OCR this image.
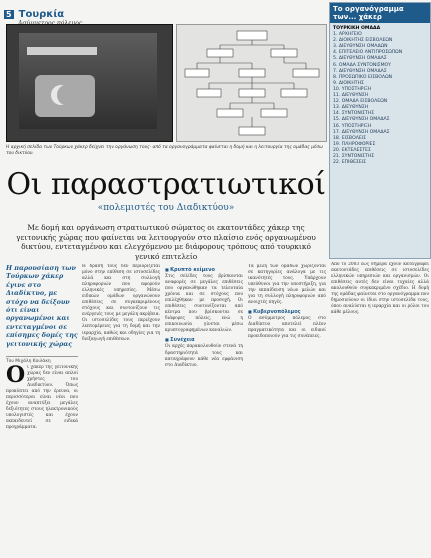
5 Τουρκία	Το οργανόγραμμα των... χάκερ
ΤΟΥΡΚΙΚΗ ΟΜΑΔΑ
1. ΑΡΧΗΓΕΙΟ
2. ΔΙΟΙΚΗΤΗΣ ΕΙΣΒΟΛΕΩΝ
3. ΔΙΕΥΘΥΝΣΗ ΟΜΑΔΩΝ
4. ΕΠΙΤΕΛΕΙΟ ΑΝΤΙΠΡΟΣΩΠΩΝ
5. ΔΙΕΥΘΥΝΣΗ ΟΜΑΔΑΣ
6. ΟΜΑΔΑ ΣΥΝΤΟΝΙΣΜΟΥ
7. ΔΙΕΥΘΥΝΣΗ ΟΜΑΔΑΣ
8. ΠΡΟΣΩΠΙΚΟ ΕΙΣΒΟΛΩΝ
9. ΔΙΟΙΚΗΤΗΣ
10. ΥΠΟΣΤΗΡΙΞΗ
11. ΔΙΕΥΘΥΝΣΗ
12. ΟΜΑΔΑ ΕΙΣΒΟΛΕΩΝ
13. ΔΙΕΥΘΥΝΣΗ
14. ΣΥΝΤΟΝΙΣΤΗΣ
15. ΔΙΕΥΘΥΝΣΗ ΟΜΑΔΑΣ
16. ΥΠΟΣΤΗΡΙΞΗ
17. ΔΙΕΥΘΥΝΣΗ ΟΜΑΔΑΣ
18. ΕΙΣΒΟΛΕΙΣ
19. ΠΛΗΡΟΦΟΡΙΕΣ
20. ΕΚΤΕΛΕΣΤΕΣ
21. ΣΥΝΤΟΝΙΣΤΗΣ
22. ΕΠΙΘΕΣΕΙΣ
Η αρχική σελίδα των Τούρκων χάκερ δείχνει την οργάνωση τους· από τα οργανογράμματα φαίνεται η δομή και η λειτουργία της ομάδας μέσω του δικτύου.
Οι παραστρατιωτικοί
«πολεμιστές του Διαδικτύου»
Με δομή και οργάνωση στρατιωτικού σώματος οι εκατοντάδες χάκερ της γειτονικής χώρας που φαίνεται να λειτουργούν στο πλαίσιο ενός οργανωμένου δικτύου, εντεταγμένου και ελεγχόμενου με διάφορους τρόπους από τουρκικό γενικό επιτελείο
Η παρουσίαση των Τούρκων χάκερ έγινε στο Διαδίκτυο, με στόχο να δείξουν ότι είναι οργανωμένοι και εντεταγμένοι σε επίσημες δομές της γειτονικής χώρας
Του Μιχάλη Κοιλάκη
Ο ι χάκερ της γειτονικής χώρας δεν είναι απλοί χρήστες του Διαδικτύου. Όπως προκύπτει από την έρευνα, οι περισσότεροι είναι νέοι που έχουν αναπτύξει μεγάλες δεξιότητες στους ηλεκτρονικούς υπολογιστές και έχουν εκπαιδευτεί σε ειδικά προγράμματα.
Η δράση τους δεν περιορίζεται μόνο στην επίθεση σε ιστοσελίδες αλλά και στη συλλογή πληροφοριών που αφορούν ελληνικές υπηρεσίες. Μέσω ειδικών ομάδων οργανώνουν επιθέσεις σε συγκεκριμένους στόχους και συντονίζουν τις ενέργειές τους με μεγάλη ακρίβεια. Οι ιστοσελίδες τους περιέχουν λεπτομέρειες για τη δομή και την ιεραρχία, καθώς και οδηγίες για τη διεξαγωγή επιθέσεων.
■ Κρυπτό κείμενο
Στις σελίδες τους βρίσκονται αναφορές σε μεγάλες επιθέσεις που οργανώθηκαν τα τελευταία χρόνια και σε στόχους που επιλέχθηκαν με προσοχή. Οι επιθέσεις συντονίζονται από κέντρα που βρίσκονται σε διάφορες πόλεις, ενώ η επικοινωνία γίνεται μέσω κρυπτογραφημένων καναλιών.
■ Συνέχεια
Οι αρχές παρακολουθούν στενά τη δραστηριότητά τους και καταγράφουν κάθε νέα εμφάνιση στο Διαδίκτυο.
Τα μέλη των ομάδων χωρίζονται σε κατηγορίες ανάλογα με τις ικανότητές τους. Υπάρχουν υπεύθυνοι για την υποστήριξη, για την εκπαίδευση νέων μελών και για τη συλλογή πληροφοριών από ανοιχτές πηγές.
■ Κυβερνοπόλεμος
Ο ασύμμετρος πόλεμος στο Διαδίκτυο αποτελεί πλέον πραγματικότητα και οι ειδικοί προειδοποιούν για τις συνέπειες.
Από το 2003 έως σήμερα έχουν καταγραφεί εκατοντάδες επιθέσεις σε ιστοσελίδες ελληνικών υπηρεσιών και οργανισμών. Οι επιθέσεις αυτές δεν είναι τυχαίες αλλά ακολουθούν συγκεκριμένο σχέδιο. Η δομή της ομάδας φαίνεται στο οργανόγραμμα που δημοσιεύουν οι ίδιοι στην ιστοσελίδα τους, όπου αναλύεται η ιεραρχία και οι ρόλοι του κάθε μέλους.
